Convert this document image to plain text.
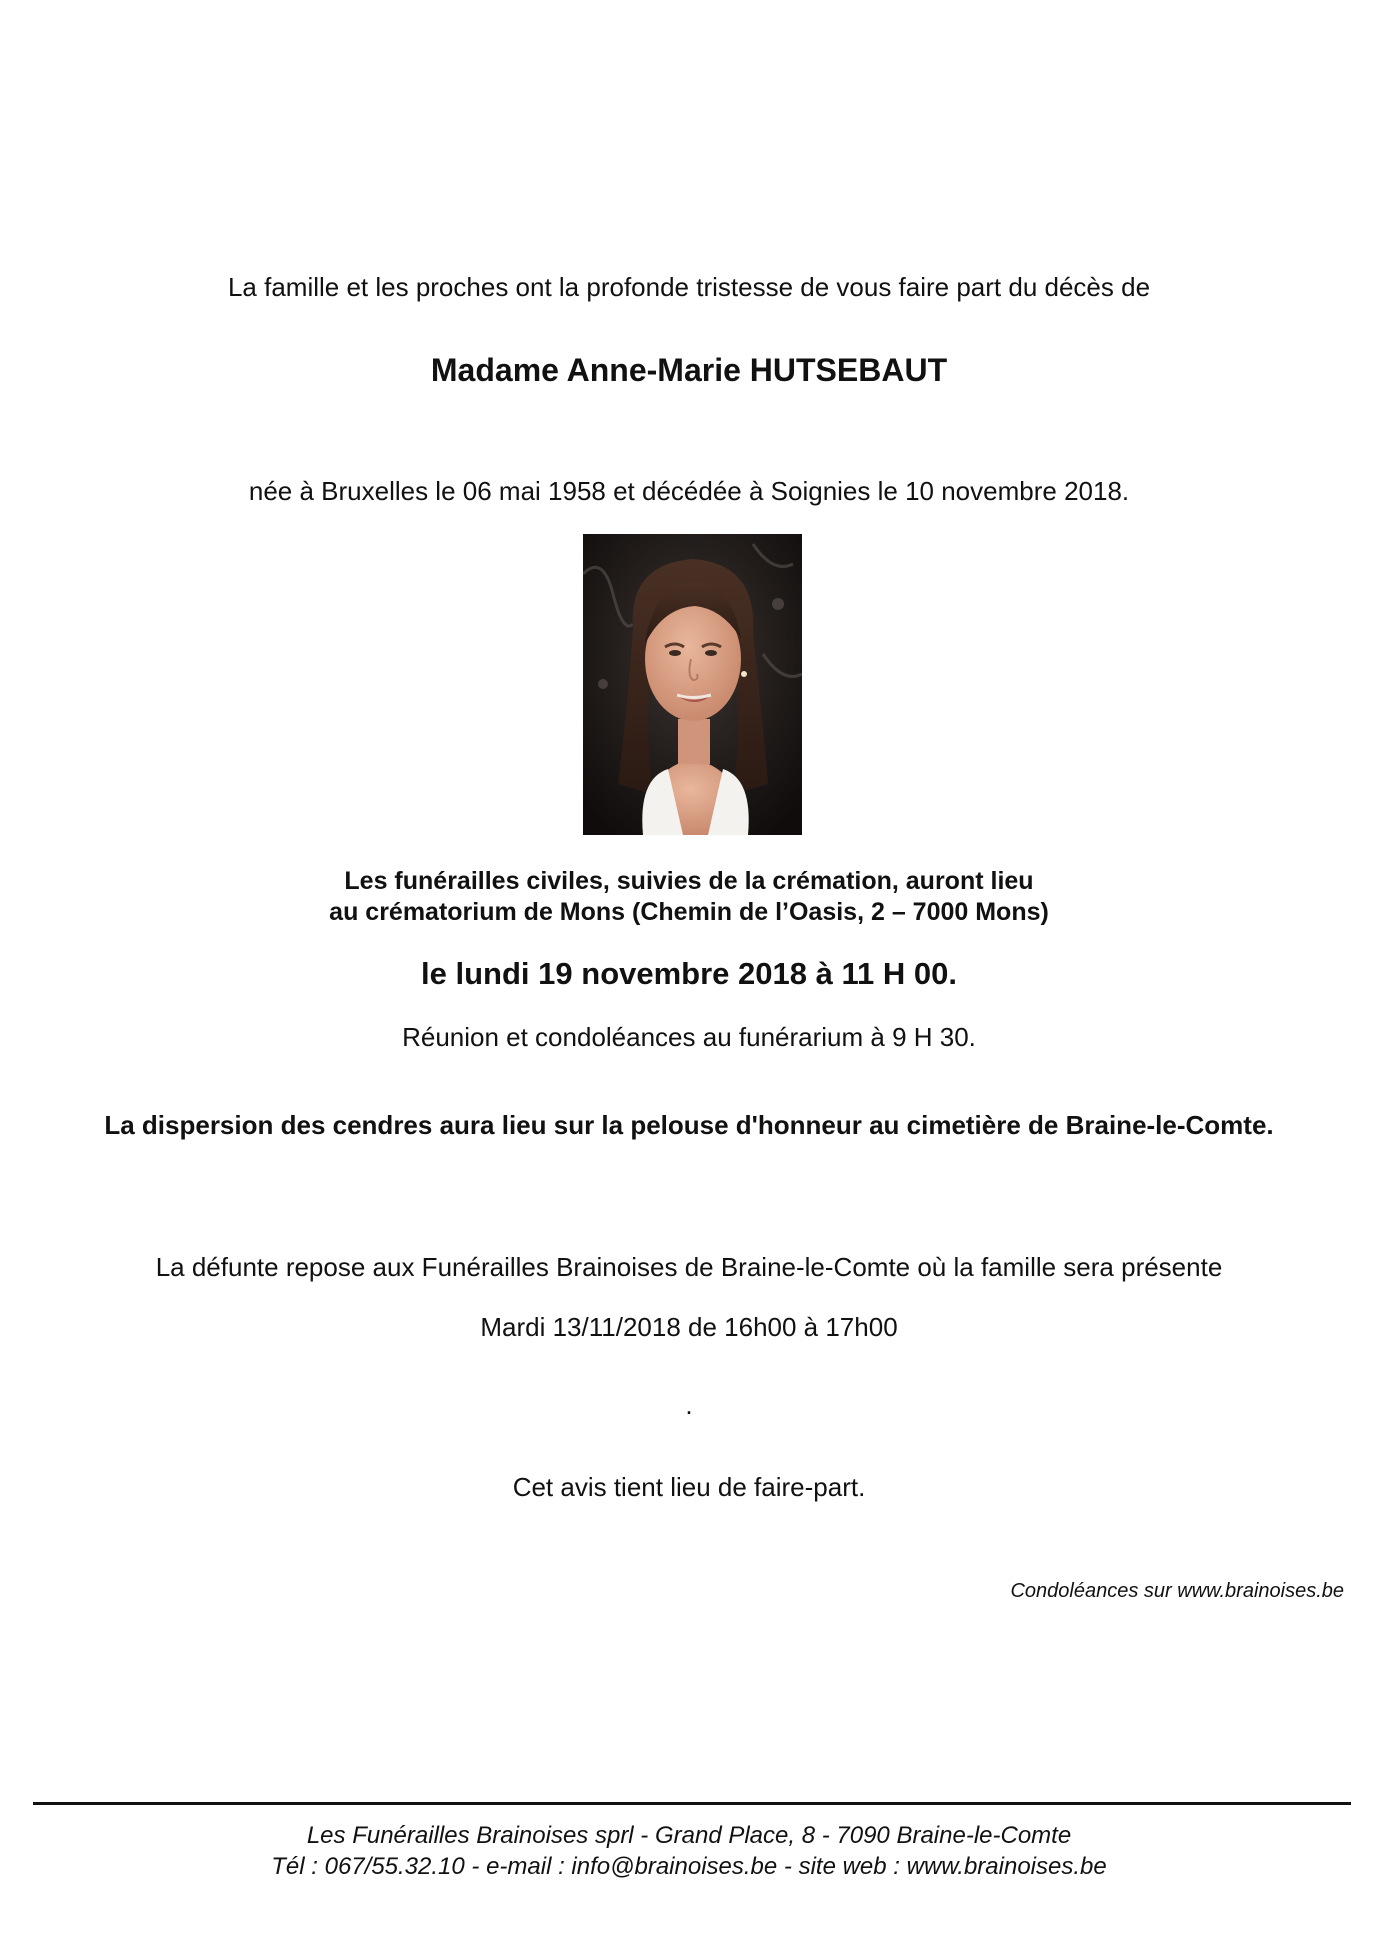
La famille et les proches ont la profonde tristesse de vous faire part du décès de
Madame Anne-Marie HUTSEBAUT
née à Bruxelles le 06 mai 1958 et décédée à Soignies le 10 novembre 2018.
Les funérailles civiles, suivies de la crémation, auront lieu
au crématorium de Mons (Chemin de l’Oasis, 2 – 7000 Mons)
le lundi 19 novembre 2018 à 11 H 00.
Réunion et condoléances au funérarium à 9 H 30.
La dispersion des cendres aura lieu sur la pelouse d'honneur au cimetière de Braine-le-Comte.
La défunte repose aux Funérailles Brainoises de Braine-le-Comte où la famille sera présente
Mardi 13/11/2018 de 16h00 à 17h00
.
Cet avis tient lieu de faire-part.
Condoléances sur www.brainoises.be
Les Funérailles Brainoises sprl - Grand Place, 8 - 7090 Braine-le-Comte
Tél : 067/55.32.10 - e-mail : info@brainoises.be - site web : www.brainoises.be
